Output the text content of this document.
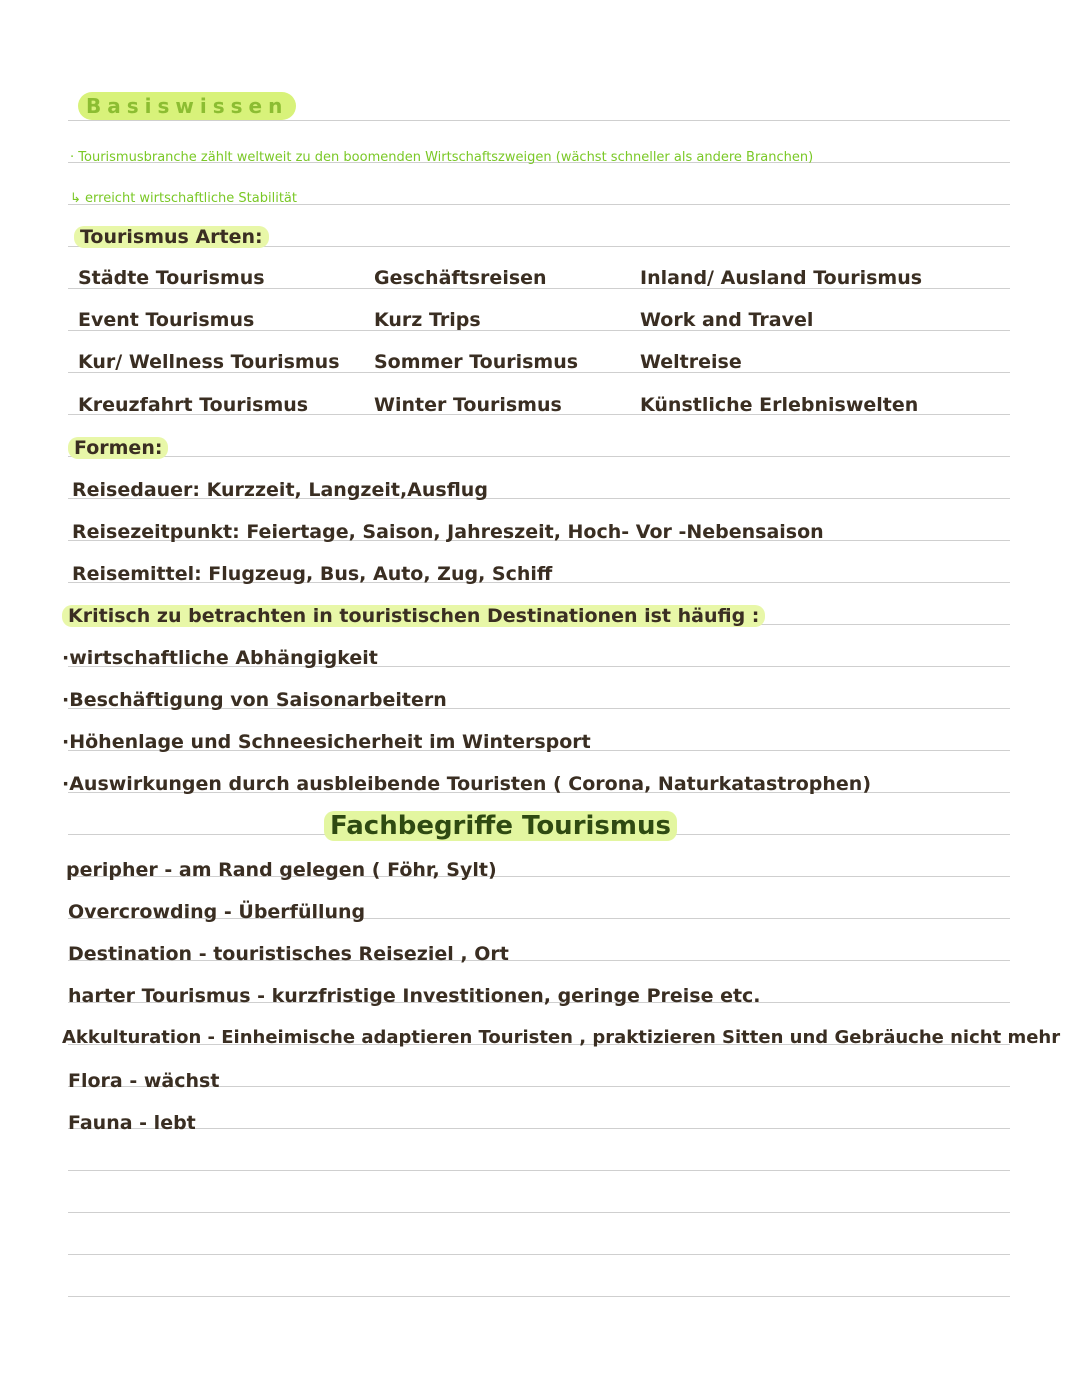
Basiswissen
· Tourismusbranche zählt weltweit zu den boomenden Wirtschaftszweigen (wächst schneller als andere Branchen)
↳ erreicht wirtschaftliche Stabilität
Tourismus Arten:
Städte Tourismus
Event Tourismus
Kur/ Wellness Tourismus
Kreuzfahrt Tourismus
Geschäftsreisen
Kurz Trips
Sommer Tourismus
Winter Tourismus
Inland/ Ausland Tourismus
Work and Travel
Weltreise
Künstliche Erlebniswelten
Formen:
Reisedauer: Kurzzeit, Langzeit,Ausflug
Reisezeitpunkt: Feiertage, Saison, Jahreszeit, Hoch- Vor -Nebensaison
Reisemittel: Flugzeug, Bus, Auto, Zug, Schiff
Kritisch zu betrachten in touristischen Destinationen ist häufig :
·wirtschaftliche Abhängigkeit
·Beschäftigung von Saisonarbeitern
·Höhenlage und Schneesicherheit im Wintersport
·Auswirkungen durch ausbleibende Touristen ( Corona, Naturkatastrophen)
Fachbegriffe Tourismus
peripher - am Rand gelegen ( Föhr, Sylt)
Overcrowding - Überfüllung
Destination - touristisches Reiseziel , Ort
harter Tourismus - kurzfristige Investitionen, geringe Preise etc.
Akkulturation - Einheimische adaptieren Touristen , praktizieren Sitten und Gebräuche nicht mehr
Flora - wächst
Fauna - lebt
